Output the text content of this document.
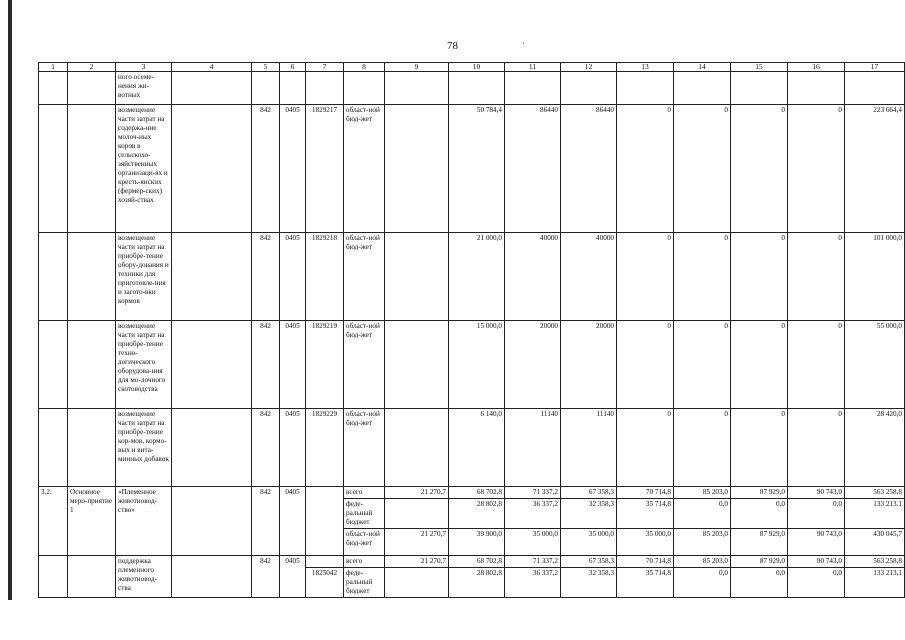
78	·
1	2	3	4	5	6	7	8	9	10	11	12	13	14	15	16	17
		ного осеме-нения жи-вотных														
		возмещение части затрат на содержа-ние молоч-ных коров в сельскохо-зяйственных организаци-ях и кресть-янских (фермер-ских) хозяй-ствах		842	0405	1829217	област-ной бюд-жет		50 784,4	86440	86440	0	0	0	0	223 664,4
		возмещение части затрат на приобре-тение обору-дования и техники для приготовле-ния и загото-вки кормов		842	0405	1829218	област-ной бюд-жет		21 000,0	40000	40000	0	0	0	0	101 000,0
		возмещение части затрат на приобре-тение техно-логического оборудова-ния для мо-лочного скотоводства		842	0405	1829219	област-ной бюд-жет		15 000,0	20000	20000	0	0	0	0	55 000,0
		возмещение части затрат на приобре-тение кор-мов, кормо-вых и вита-минных добавок		842	0405	1829229	област-ной бюд-жет		6 140,0	11140	11140	0	0	0	0	28 420,0
3.2.	Основное меро-приятие 1	«Племенное животновод-ство»		842	0405		всего	21 270,7	68 702,8	71 337,2	67 358,3	70 714,8	85 203,0	87 929,0	90 743,0	563 258,8
							феде-ральный бюджет		28 802,8	36 337,2	32 358,3	35 714,8	0,0	0,0	0,0	133 213,1
							област-ной бюд-жет	21 270,7	39 900,0	35 000,0	35 000,0	35 000,0	85 203,0	87 929,0	90 743,0	430 045,7
		поддержка племенного животновод-ства		842	0405		всего	21 270,7	68 702,8	71 337,2	67 358,3	70 714,8	85 203,0	87 929,0	90 743,0	563 258,8
						1825042	феде-ральный бюджет		28 802,8	36 337,2	32 358,3	35 714,8	0,0	0,0	0,0	133 213,1
